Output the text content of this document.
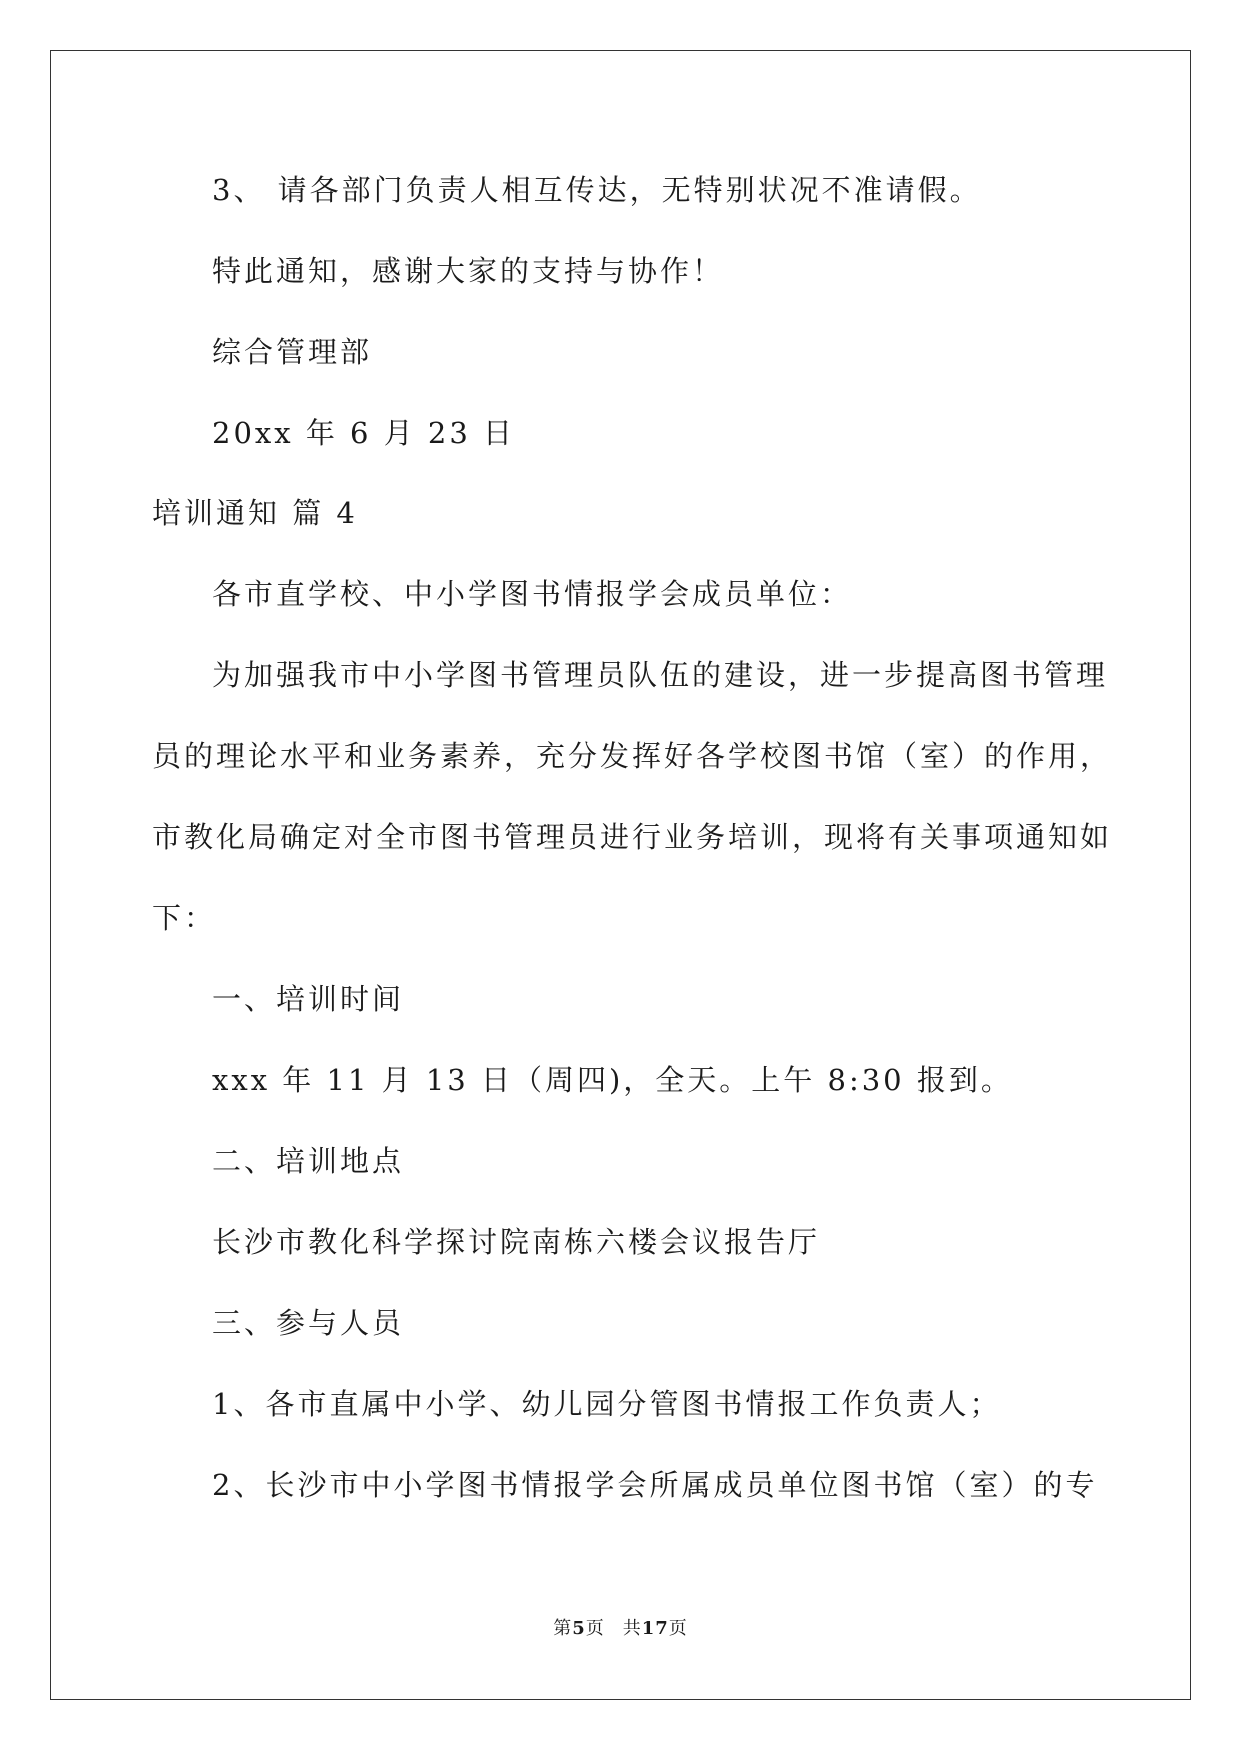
3、 请各部门负责人相互传达，无特别状况不准请假。
特此通知，感谢大家的支持与协作！
综合管理部
20xx 年 6 月 23 日
培训通知 篇 4
各市直学校、中小学图书情报学会成员单位：
为加强我市中小学图书管理员队伍的建设，进一步提高图书管理
员的理论水平和业务素养，充分发挥好各学校图书馆（室）的作用，
市教化局确定对全市图书管理员进行业务培训，现将有关事项通知如
下：
一、培训时间
xxx 年 11 月 13 日（周四)，全天。上午 8:30 报到。
二、培训地点
长沙市教化科学探讨院南栋六楼会议报告厅
三、参与人员
1、各市直属中小学、幼儿园分管图书情报工作负责人；
2、长沙市中小学图书情报学会所属成员单位图书馆（室）的专
第5页 共17页
